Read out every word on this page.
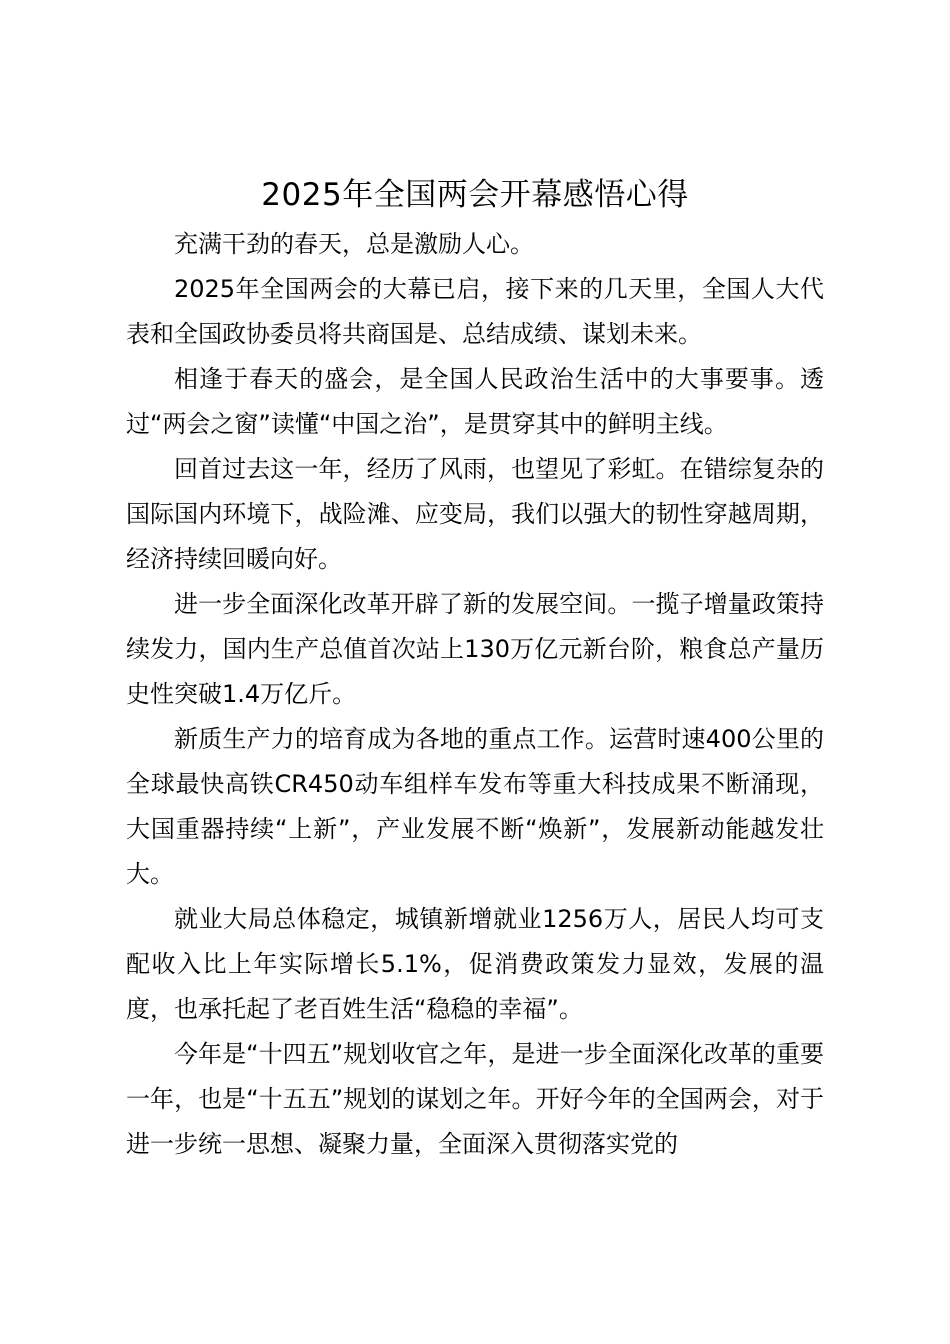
2025年全国两会开幕感悟心得

充满干劲的春天，总是激励人心。

2025年全国两会的大幕已启，接下来的几天里，全国人大代表和全国政协委员将共商国是、总结成绩、谋划未来。

相逢于春天的盛会，是全国人民政治生活中的大事要事。透过“两会之窗”读懂“中国之治”，是贯穿其中的鲜明主线。

回首过去这一年，经历了风雨，也望见了彩虹。在错综复杂的国际国内环境下，战险滩、应变局，我们以强大的韧性穿越周期，经济持续回暖向好。

进一步全面深化改革开辟了新的发展空间。一揽子增量政策持续发力，国内生产总值首次站上130万亿元新台阶，粮食总产量历史性突破1.4万亿斤。

新质生产力的培育成为各地的重点工作。运营时速400公里的全球最快高铁CR450动车组样车发布等重大科技成果不断涌现，大国重器持续“上新”，产业发展不断“焕新”，发展新动能越发壮大。

就业大局总体稳定，城镇新增就业1256万人，居民人均可支配收入比上年实际增长5.1%，促消费政策发力显效，发展的温度，也承托起了老百姓生活“稳稳的幸福”。

今年是“十四五”规划收官之年，是进一步全面深化改革的重要一年，也是“十五五”规划的谋划之年。开好今年的全国两会，对于进一步统一思想、凝聚力量，全面深入贯彻落实党的
